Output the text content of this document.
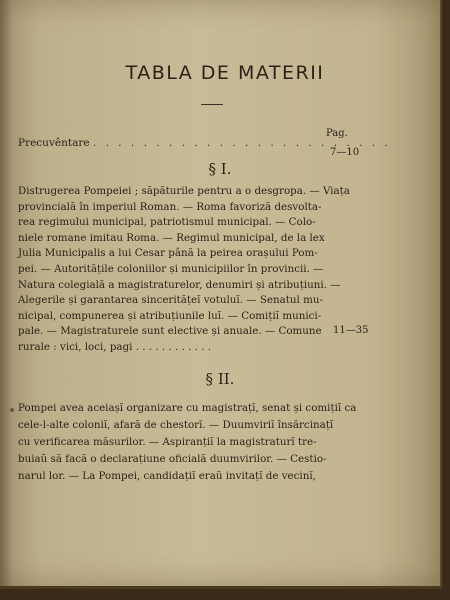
TABLA DE MATERII
Pag.
Precuvêntare . . . . . . . . . . . . . . . . . . . . . . . .
7—10
§ I.

Distrugerea Pompeiei ; săpăturile pentru a o desgropa. — Viața
provincială în imperiul Roman. — Roma favoriză desvolta-
rea regimului municipal, patriotismul municipal. — Colo-
niele romane imitau Roma. — Regimul municipal, de la lex
Julia Municipalis a lui Cesar până la peirea orașului Pom-
pei. — Autoritățile coloniilor și municipiilor în provincii. —
Natura colegială a magistraturelor, denumiri și atribuțiuni. —
Alegerile și garantarea sinceritățeĭ votuluĭ. — Senatul mu-
nicipal, compunerea și atribuțiunile luĭ. — Comițiĭ munici-
pale. — Magistraturele sunt elective și anuale. — Comune
rurale : vici, loci, pagi . . . . . . . . . . . .

11—35
§ II.

Pompei avea aceiașĭ organizare cu magistrațĭ, senat și comițiĭ ca
cele-l-alte coloniĭ, afară de chestorĭ. — Duumviriĭ însărcinațĭ
cu verificarea măsurilor. — Aspiranțiĭ la magistraturĭ tre-
buiaŭ să facă o declarațiune oficială duumvirilor. — Cestio-
narul lor. — La Pompei, candidațiĭ eraŭ invitațĭ de vecinĭ,
